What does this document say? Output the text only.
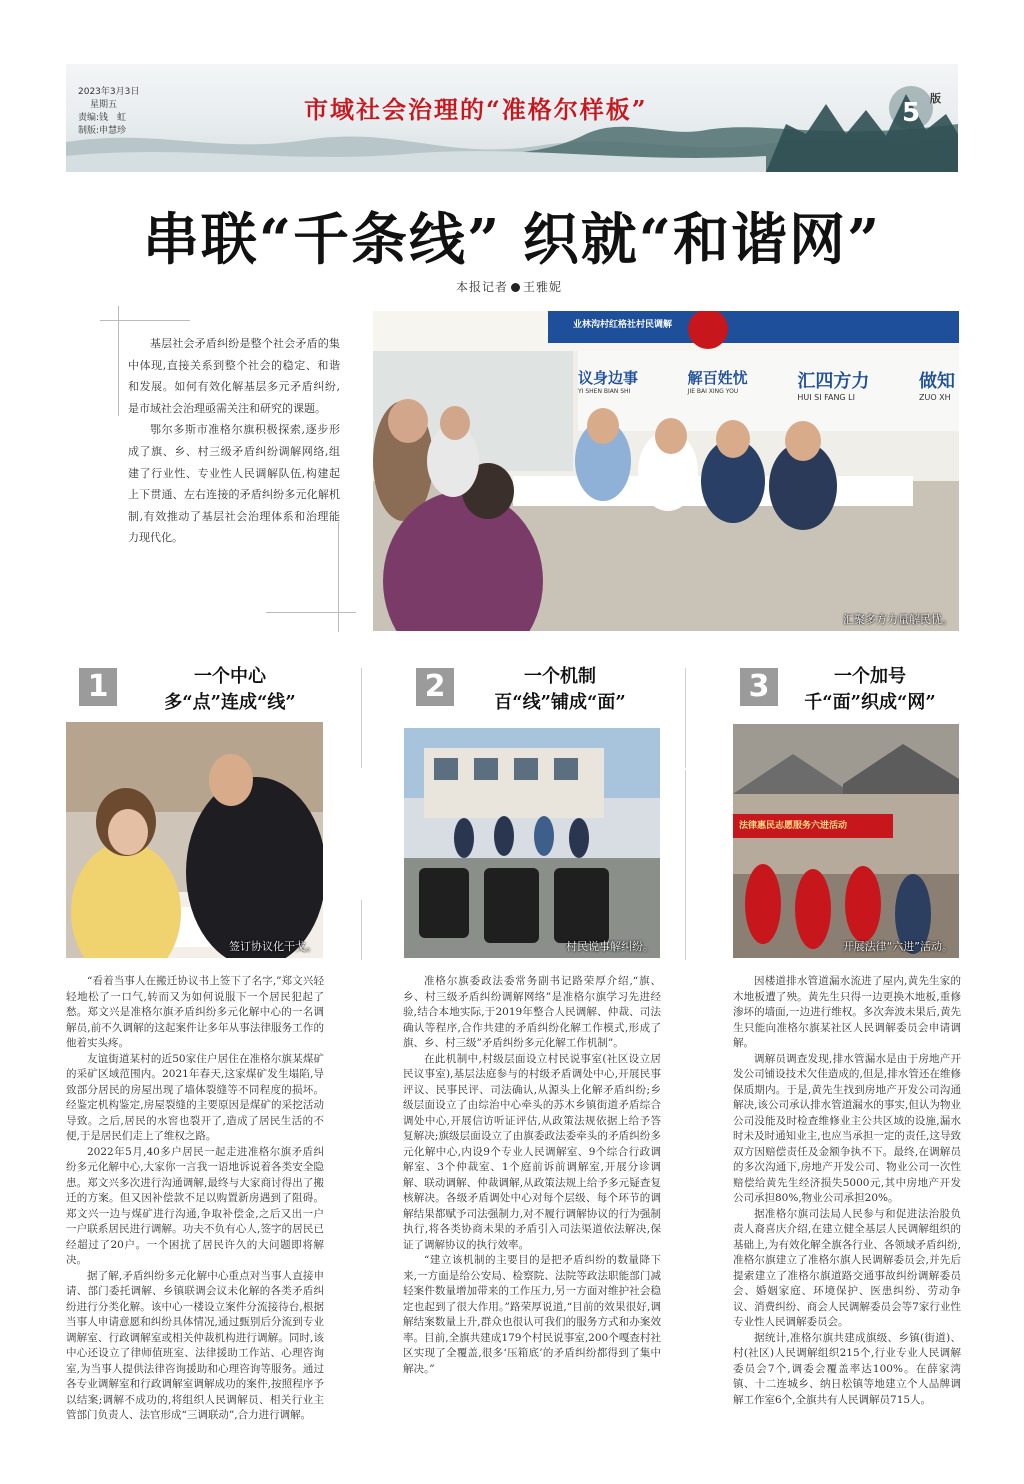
2023年3月3日
星期五
责编:钱　虹
制版:申慧珍
市域社会治理的“准格尔样板”	5 版
串联“千条线” 织就“和谐网”
本报记者 王雅妮

基层社会矛盾纠纷是整个社会矛盾的集中体现,直接关系到整个社会的稳定、和谐和发展。如何有效化解基层多元矛盾纠纷,是市域社会治理亟需关注和研究的课题。

鄂尔多斯市准格尔旗积极探索,逐步形成了旗、乡、村三级矛盾纠纷调解网络,组建了行业性、专业性人民调解队伍,构建起上下贯通、左右连接的矛盾纠纷多元化解机制,有效推动了基层社会治理体系和治理能力现代化。

业林沟村红格社村民调解
议身边事
YI SHEN BIAN SHI
解百姓忧
JIE BAI XING YOU	汇四方力
HUI SI FANG LI
做知
ZUO XH
汇聚多方力量解民忧。
1	一个中心
多“点”连成“线”	2	一个机制
百“线”铺成“面”	3	一个加号
千“面”织成“网”
签订协议化干戈。	村民说事解纠纷。
法律惠民志愿服务六进活动
开展法律“六进”活动。

“看着当事人在搬迁协议书上签下了名字,”郑文兴轻轻地松了一口气,转而又为如何说服下一个居民犯起了愁。郑文兴是准格尔旗矛盾纠纷多元化解中心的一名调解员,前不久调解的这起案件让多年从事法律服务工作的他着实头疼。

友谊街道某村的近50家住户居住在准格尔旗某煤矿的采矿区域范围内。2021年春天,这家煤矿发生塌陷,导致部分居民的房屋出现了墙体裂缝等不同程度的损坏。经鉴定机构鉴定,房屋裂缝的主要原因是煤矿的采挖活动导致。之后,居民的水窖也裂开了,造成了居民生活的不便,于是居民们走上了维权之路。

2022年5月,40多户居民一起走进准格尔旗矛盾纠纷多元化解中心,大家你一言我一语地诉说着各类安全隐患。郑文兴多次进行沟通调解,最终与大家商讨得出了搬迁的方案。但又因补偿款不足以购置新房遇到了阻碍。郑文兴一边与煤矿进行沟通,争取补偿金,之后又出一户一户联系居民进行调解。功夫不负有心人,签字的居民已经超过了20户。一个困扰了居民许久的大问题即将解决。

据了解,矛盾纠纷多元化解中心重点对当事人直接申请、部门委托调解、乡镇联调会议未化解的各类矛盾纠纷进行分类化解。该中心一楼设立案件分流接待台,根据当事人申请意愿和纠纷具体情况,通过甄别后分流到专业调解室、行政调解室或相关仲裁机构进行调解。同时,该中心还设立了律师值班室、法律援助工作站、心理咨询室,为当事人提供法律咨询援助和心理咨询等服务。通过各专业调解室和行政调解室调解成功的案件,按照程序予以结案;调解不成功的,将组织人民调解员、相关行业主管部门负责人、法官形成“三调联动”,合力进行调解。

准格尔旗委政法委常务副书记路荣厚介绍,“旗、乡、村三级矛盾纠纷调解网络”是准格尔旗学习先进经验,结合本地实际,于2019年整合人民调解、仲裁、司法确认等程序,合作共建的矛盾纠纷化解工作模式,形成了旗、乡、村三级”矛盾纠纷多元化解工作机制”。

在此机制中,村级层面设立村民说事室(社区设立居民议事室),基层法庭参与的村级矛盾调处中心,开展民事评议、民事民评、司法确认,从源头上化解矛盾纠纷;乡级层面设立了由综治中心牵头的苏木乡镇街道矛盾综合调处中心,开展信访听证评估,从政策法规依据上给予答复解决;旗级层面设立了由旗委政法委牵头的矛盾纠纷多元化解中心,内设9个专业人民调解室、9个综合行政调解室、3个仲裁室、1个庭前诉前调解室,开展分诊调解、联动调解、仲裁调解,从政策法规上给予多元疑查复核解决。各级矛盾调处中心对每个层级、每个环节的调解结果都赋予司法强制力,对不履行调解协议的行为强制执行,将各类协商未果的矛盾引入司法渠道依法解决,保证了调解协议的执行效率。

“建立该机制的主要目的是把矛盾纠纷的数量降下来,一方面是给公安局、检察院、法院等政法职能部门减轻案件数量增加带来的工作压力,另一方面对维护社会稳定也起到了很大作用。”路荣厚说道,“目前的效果很好,调解结案数量上升,群众也很认可我们的服务方式和办案效率。目前,全旗共建成179个村民说事室,200个嘎查村社区实现了全覆盖,很多‘压箱底’的矛盾纠纷都得到了集中解决。”

因楼道排水管道漏水流进了屋内,黄先生家的木地板遭了殃。黄先生只得一边更换木地板,重修渗坏的墙面,一边进行维权。多次奔波未果后,黄先生只能向准格尔旗某社区人民调解委员会申请调解。

调解员调查发现,排水管漏水是由于房地产开发公司铺设技术欠佳造成的,但是,排水管还在维修保质期内。于是,黄先生找到房地产开发公司沟通解决,该公司承认排水管道漏水的事实,但认为物业公司没能及时检查维修业主公共区域的设施,漏水时未及时通知业主,也应当承担一定的责任,这导致双方因赔偿责任及金额争执不下。最终,在调解员的多次沟通下,房地产开发公司、物业公司一次性赔偿给黄先生经济损失5000元,其中房地产开发公司承担80%,物业公司承担20%。

据准格尔旗司法局人民参与和促进法治股负责人裔喜庆介绍,在建立健全基层人民调解组织的基础上,为有效化解全旗各行业、各领域矛盾纠纷,准格尔旗建立了准格尔旗人民调解委员会,并先后提索建立了准格尔旗道路交通事故纠纷调解委员会、婚姻家庭、环境保护、医患纠纷、劳动争议、消费纠纷、商会人民调解委员会等7家行业性专业性人民调解委员会。

据统计,准格尔旗共建成旗级、乡镇(街道)、村(社区)人民调解组织215个,行业专业人民调解委员会7个,调委会覆盖率达100%。在薛家湾镇、十二连城乡、纳日松镇等地建立个人品牌调解工作室6个,全旗共有人民调解员715人。
